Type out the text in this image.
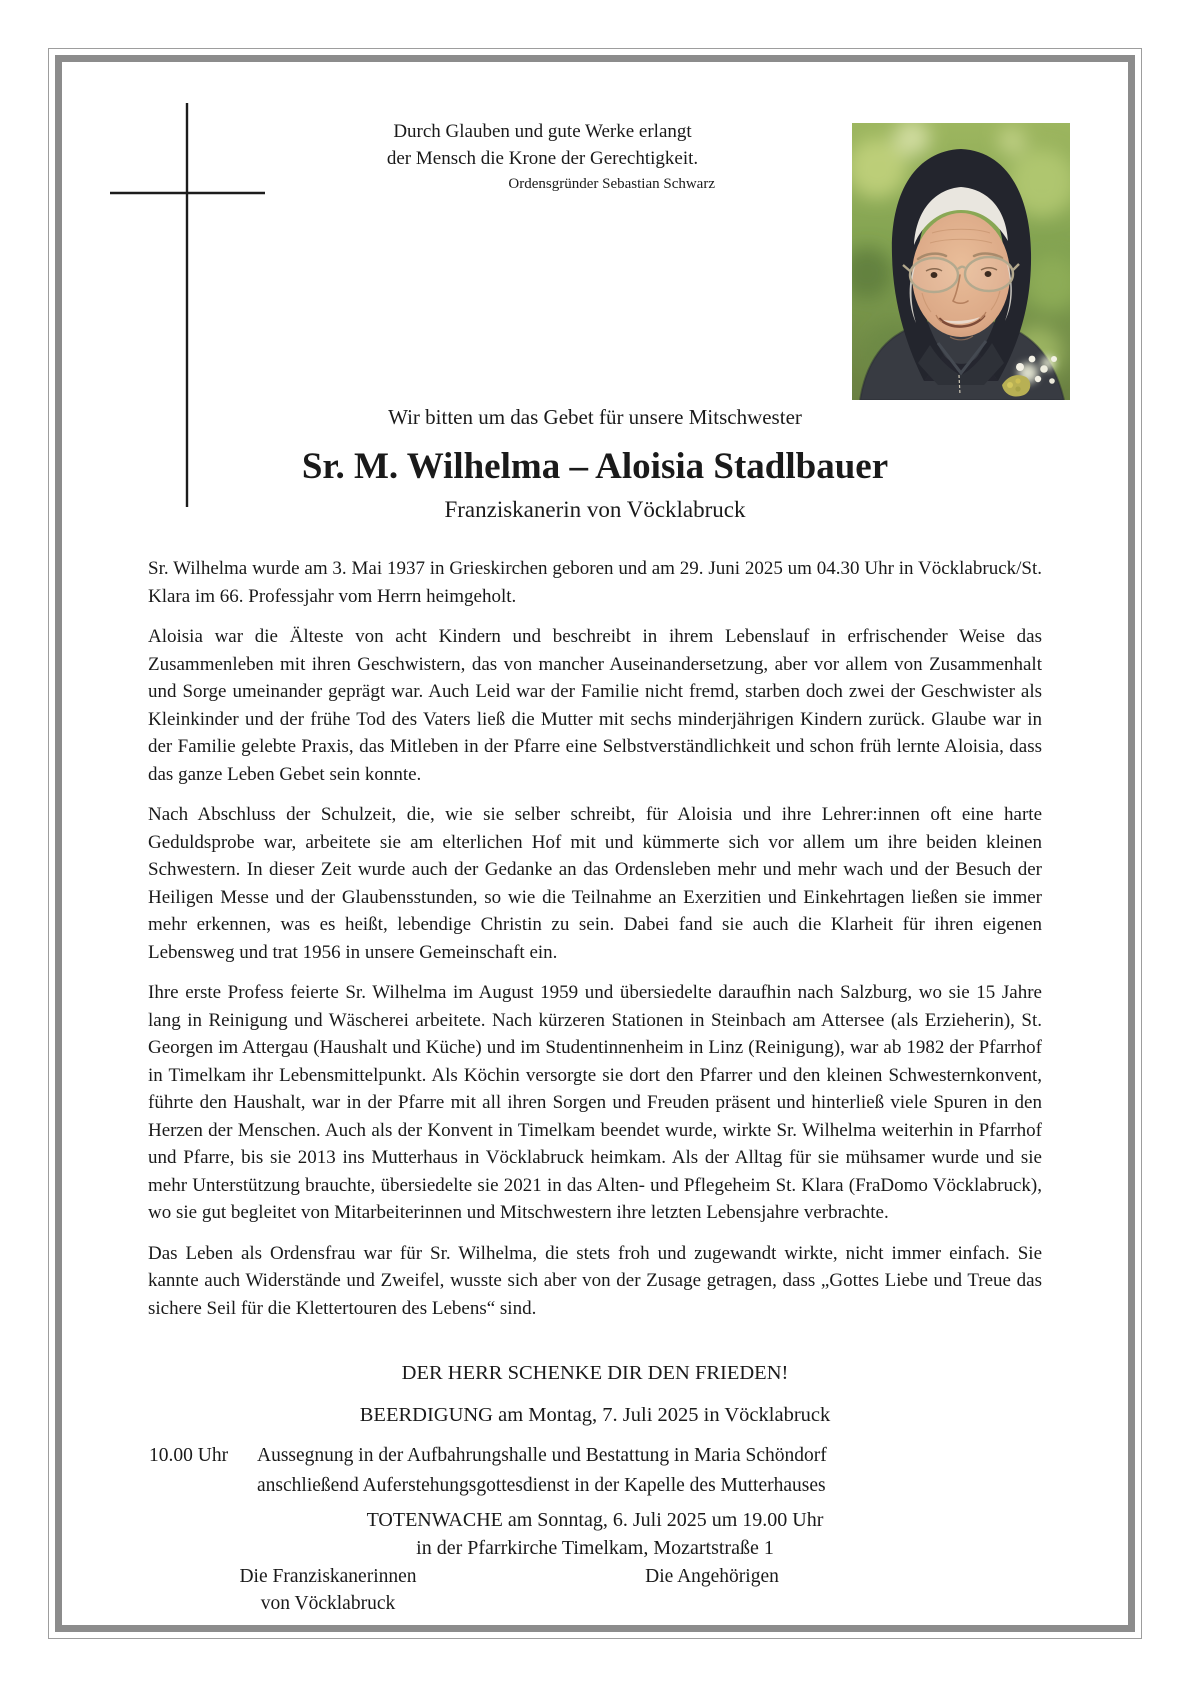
Durch Glauben und gute Werke erlangt
der Mensch die Krone der Gerechtigkeit.
Ordensgründer Sebastian Schwarz
Wir bitten um das Gebet für unsere Mitschwester
Sr. M. Wilhelma – Aloisia Stadlbauer
Franziskanerin von Vöcklabruck

Sr. Wilhelma wurde am 3. Mai 1937 in Grieskirchen geboren und am 29. Juni 2025 um 04.30 Uhr in Vöcklabruck/St. Klara im 66. Professjahr vom Herrn heimgeholt.

Aloisia war die Älteste von acht Kindern und beschreibt in ihrem Lebenslauf in erfrischender Weise das Zusammenleben mit ihren Geschwistern, das von mancher Auseinandersetzung, aber vor allem von Zusammenhalt und Sorge umeinander geprägt war. Auch Leid war der Familie nicht fremd, starben doch zwei der Geschwister als Kleinkinder und der frühe Tod des Vaters ließ die Mutter mit sechs minderjährigen Kindern zurück. Glaube war in der Familie gelebte Praxis, das Mitleben in der Pfarre eine Selbstverständlichkeit und schon früh lernte Aloisia, dass das ganze Leben Gebet sein konnte.

Nach Abschluss der Schulzeit, die, wie sie selber schreibt, für Aloisia und ihre Lehrer:innen oft eine harte Geduldsprobe war, arbeitete sie am elterlichen Hof mit und kümmerte sich vor allem um ihre beiden kleinen Schwestern. In dieser Zeit wurde auch der Gedanke an das Ordensleben mehr und mehr wach und der Besuch der Heiligen Messe und der Glaubensstunden, so wie die Teilnahme an Exerzitien und Einkehrtagen ließen sie immer mehr erkennen, was es heißt, lebendige Christin zu sein. Dabei fand sie auch die Klarheit für ihren eigenen Lebensweg und trat 1956 in unsere Gemeinschaft ein.

Ihre erste Profess feierte Sr. Wilhelma im August 1959 und übersiedelte daraufhin nach Salzburg, wo sie 15 Jahre lang in Reinigung und Wäscherei arbeitete. Nach kürzeren Stationen in Steinbach am Attersee (als Erzieherin), St. Georgen im Attergau (Haushalt und Küche) und im Studentinnenheim in Linz (Reinigung), war ab 1982 der Pfarrhof in Timelkam ihr Lebensmittelpunkt. Als Köchin versorgte sie dort den Pfarrer und den kleinen Schwesternkonvent, führte den Haushalt, war in der Pfarre mit all ihren Sorgen und Freuden präsent und hinterließ viele Spuren in den Herzen der Menschen. Auch als der Konvent in Timelkam beendet wurde, wirkte Sr. Wilhelma weiterhin in Pfarrhof und Pfarre, bis sie 2013 ins Mutterhaus in Vöcklabruck heimkam. Als der Alltag für sie mühsamer wurde und sie mehr Unterstützung brauchte, übersiedelte sie 2021 in das Alten- und Pflegeheim St. Klara (FraDomo Vöcklabruck), wo sie gut begleitet von Mitarbeiterinnen und Mitschwestern ihre letzten Lebensjahre verbrachte.

Das Leben als Ordensfrau war für Sr. Wilhelma, die stets froh und zugewandt wirkte, nicht immer einfach. Sie kannte auch Widerstände und Zweifel, wusste sich aber von der Zusage getragen, dass „Gottes Liebe und Treue das sichere Seil für die Klettertouren des Lebens“ sind.

DER HERR SCHENKE DIR DEN FRIEDEN!
BEERDIGUNG am Montag, 7. Juli 2025 in Vöcklabruck
10.00 Uhr	Aussegnung in der Aufbahrungshalle und Bestattung in Maria Schöndorf
anschließend Auferstehungsgottesdienst in der Kapelle des Mutterhauses
TOTENWACHE am Sonntag, 6. Juli 2025 um 19.00 Uhr
in der Pfarrkirche Timelkam, Mozartstraße 1
Die Franziskanerinnen
von Vöcklabruck
Die Angehörigen
